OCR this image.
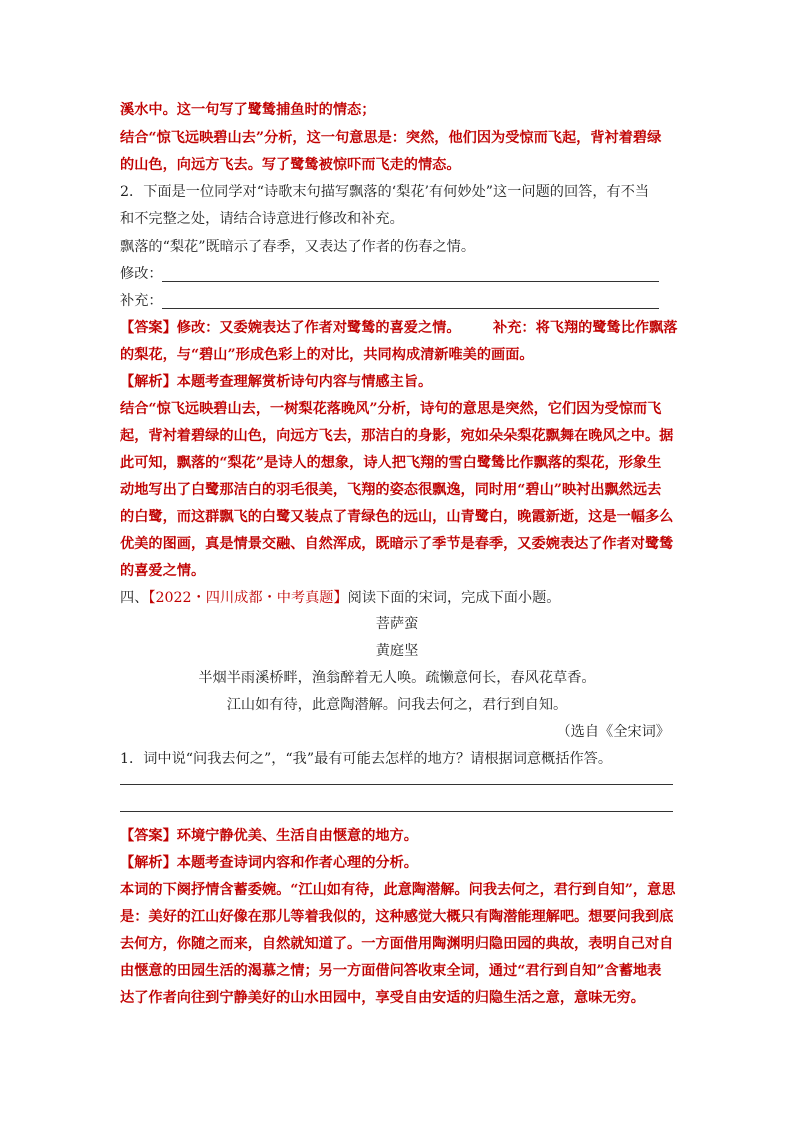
溪水中。这一句写了鹭鸶捕鱼时的情态；
结合“惊飞远映碧山去”分析，这一句意思是：突然，他们因为受惊而飞起，背衬着碧绿
的山色，向远方飞去。写了鹭鸶被惊吓而飞走的情态。
2．下面是一位同学对“诗歌末句描写飘落的‘梨花’有何妙处”这一问题的回答，有不当
和不完整之处，请结合诗意进行修改和补充。
飘落的“梨花”既暗示了春季，又表达了作者的伤春之情。
修改：
补充：
【答案】修改：又委婉表达了作者对鹭鸶的喜爱之情。 补充：将飞翔的鹭鸶比作飘落
的梨花，与“碧山”形成色彩上的对比，共同构成清新唯美的画面。
【解析】本题考查理解赏析诗句内容与情感主旨。
结合“惊飞远映碧山去，一树梨花落晚风”分析，诗句的意思是突然，它们因为受惊而飞
起，背衬着碧绿的山色，向远方飞去，那洁白的身影，宛如朵朵梨花飘舞在晚风之中。据
此可知，飘落的“梨花”是诗人的想象，诗人把飞翔的雪白鹭鸶比作飘落的梨花，形象生
动地写出了白鹭那洁白的羽毛很美，飞翔的姿态很飘逸，同时用“碧山”映衬出飘然远去
的白鹭，而这群飘飞的白鹭又装点了青绿色的远山，山青鹭白，晚霞新逝，这是一幅多么
优美的图画，真是情景交融、自然浑成，既暗示了季节是春季，又委婉表达了作者对鹭鸶
的喜爱之情。
四、【2022・四川成都・中考真题】阅读下面的宋词，完成下面小题。
菩萨蛮
黄庭坚
半烟半雨溪桥畔，渔翁醉着无人唤。疏懒意何长，春风花草香。
江山如有待，此意陶潜解。问我去何之，君行到自知。
（选自《全宋词》
1．词中说“问我去何之”，“我”最有可能去怎样的地方？请根据词意概括作答。
【答案】环境宁静优美、生活自由惬意的地方。
【解析】本题考查诗词内容和作者心理的分析。
本词的下阕抒情含蓄委婉。“江山如有待，此意陶潜解。问我去何之，君行到自知”，意思
是：美好的江山好像在那儿等着我似的，这种感觉大概只有陶潜能理解吧。想要问我到底
去何方，你随之而来，自然就知道了。一方面借用陶渊明归隐田园的典故，表明自己对自
由惬意的田园生活的渴慕之情；另一方面借问答收束全词，通过“君行到自知”含蓄地表
达了作者向往到宁静美好的山水田园中，享受自由安适的归隐生活之意，意味无穷。
